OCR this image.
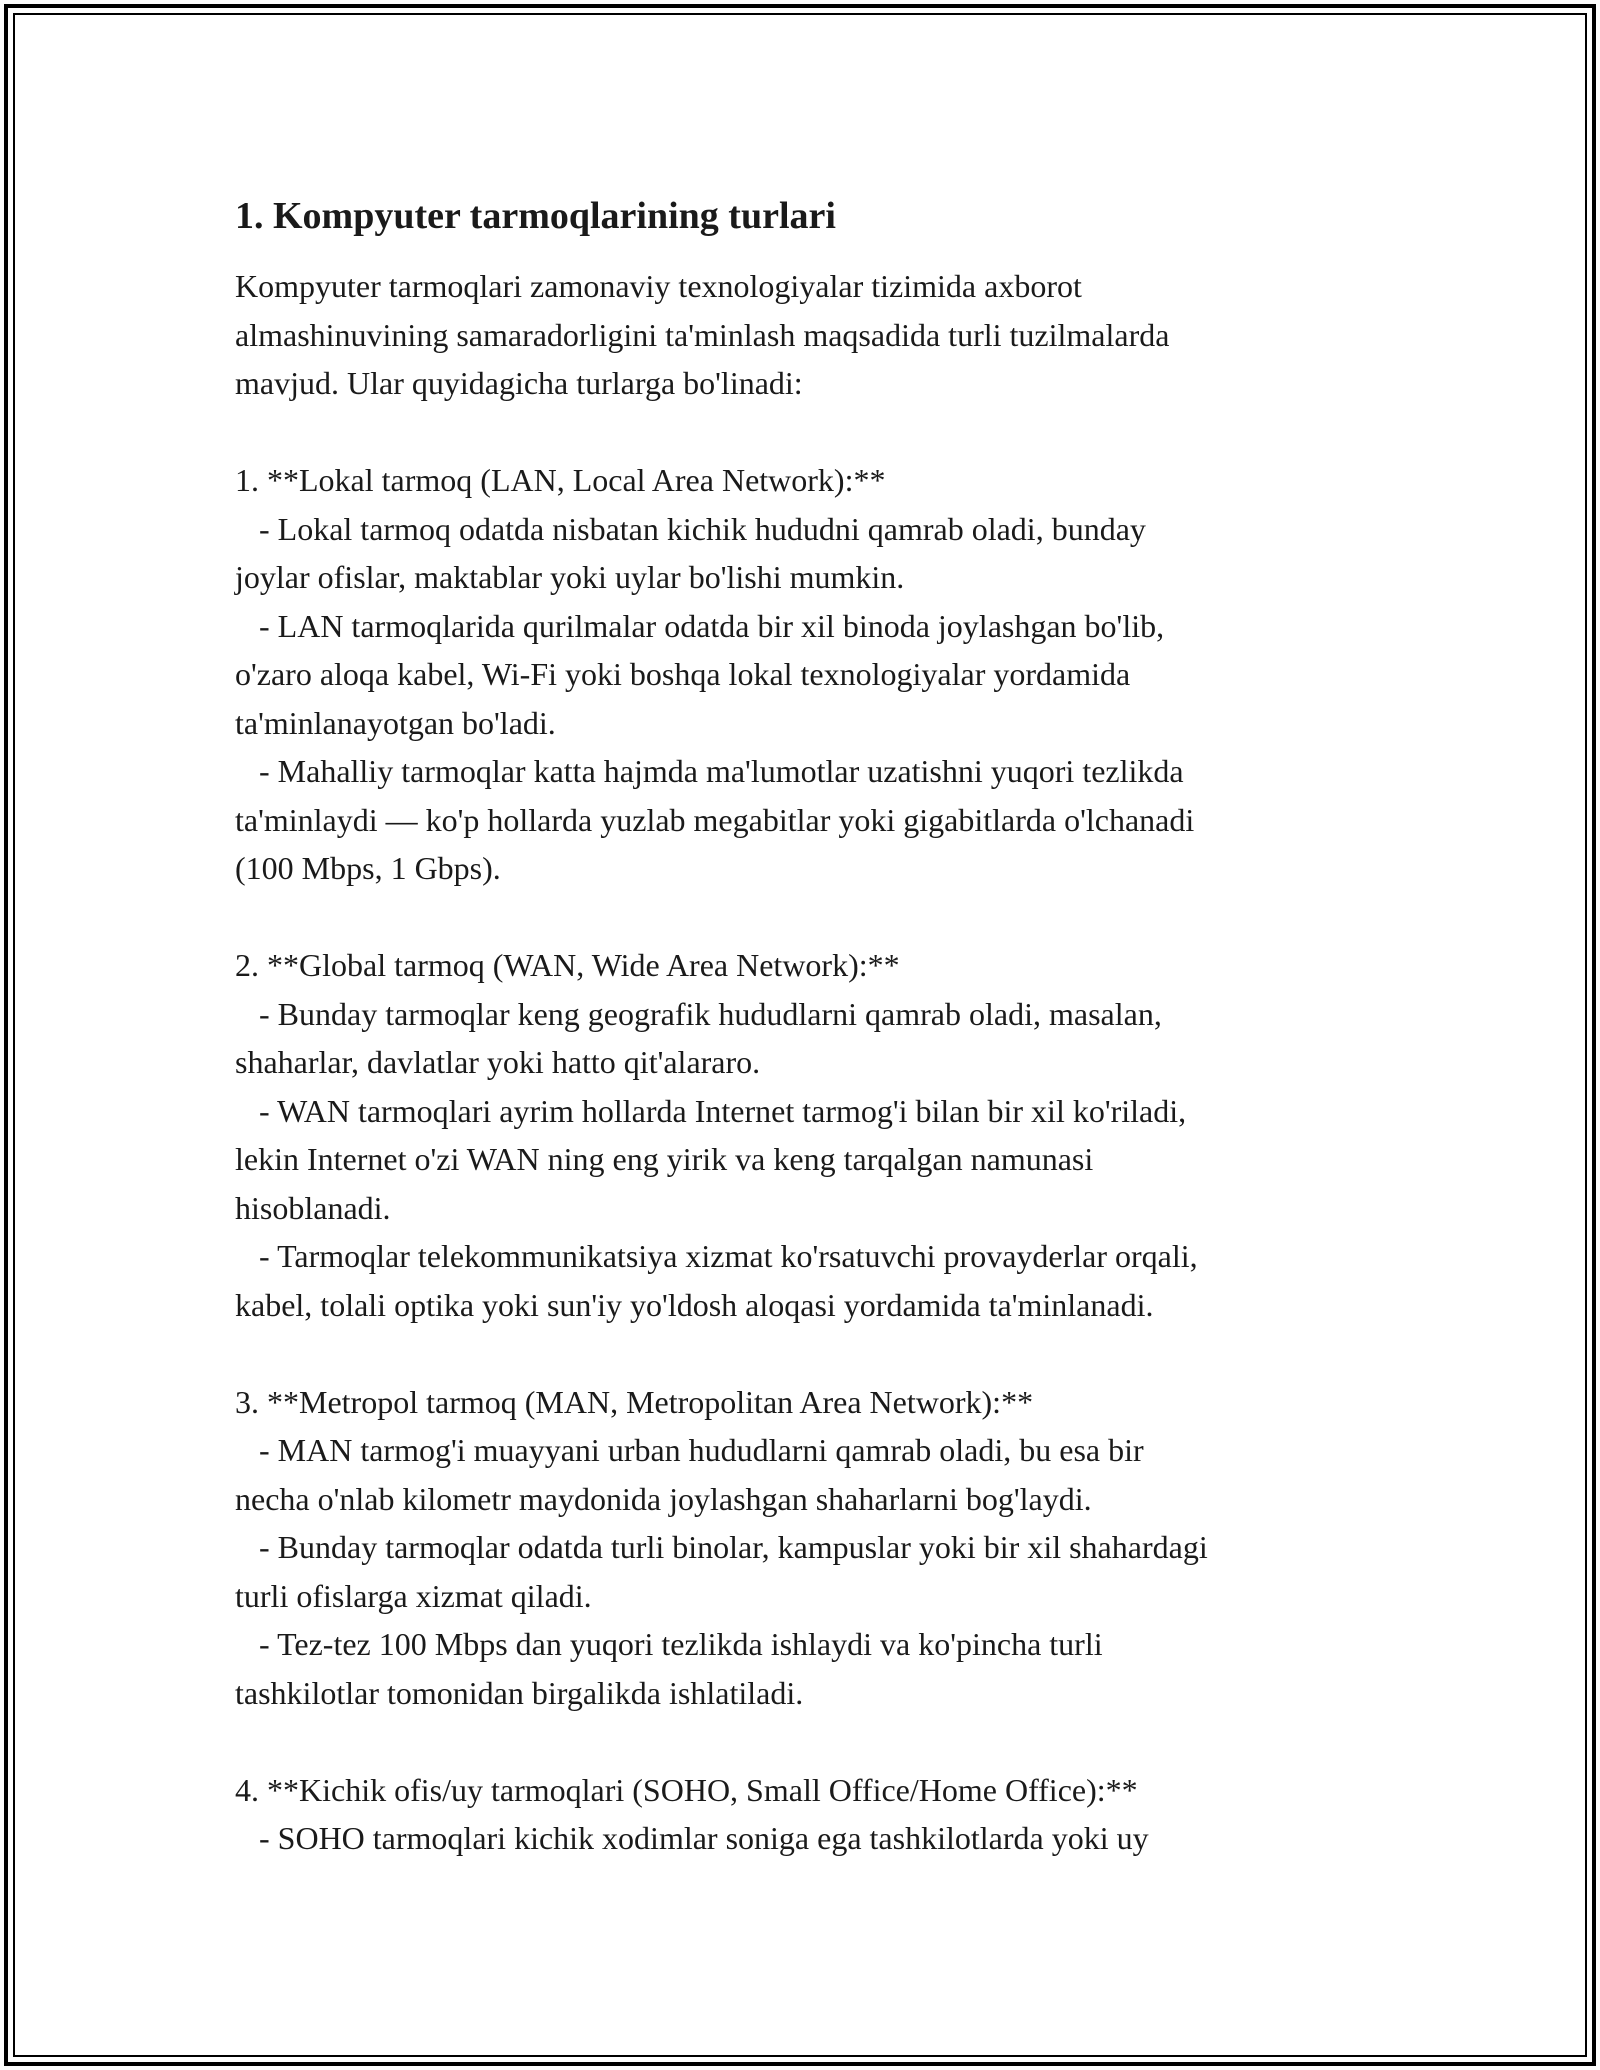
1. Kompyuter tarmoqlarining turlari

Kompyuter tarmoqlari zamonaviy texnologiyalar tizimida axborot
almashinuvining samaradorligini ta'minlash maqsadida turli tuzilmalarda
mavjud. Ular quyidagicha turlarga bo'linadi:

1. **Lokal tarmoq (LAN, Local Area Network):**
- Lokal tarmoq odatda nisbatan kichik hududni qamrab oladi, bunday
joylar ofislar, maktablar yoki uylar bo'lishi mumkin.
- LAN tarmoqlarida qurilmalar odatda bir xil binoda joylashgan bo'lib,
o'zaro aloqa kabel, Wi-Fi yoki boshqa lokal texnologiyalar yordamida
ta'minlanayotgan bo'ladi.
- Mahalliy tarmoqlar katta hajmda ma'lumotlar uzatishni yuqori tezlikda
ta'minlaydi — ko'p hollarda yuzlab megabitlar yoki gigabitlarda o'lchanadi
(100 Mbps, 1 Gbps).

2. **Global tarmoq (WAN, Wide Area Network):**
- Bunday tarmoqlar keng geografik hududlarni qamrab oladi, masalan,
shaharlar, davlatlar yoki hatto qit'alararo.
- WAN tarmoqlari ayrim hollarda Internet tarmog'i bilan bir xil ko'riladi,
lekin Internet o'zi WAN ning eng yirik va keng tarqalgan namunasi
hisoblanadi.
- Tarmoqlar telekommunikatsiya xizmat ko'rsatuvchi provayderlar orqali,
kabel, tolali optika yoki sun'iy yo'ldosh aloqasi yordamida ta'minlanadi.

3. **Metropol tarmoq (MAN, Metropolitan Area Network):**
- MAN tarmog'i muayyani urban hududlarni qamrab oladi, bu esa bir
necha o'nlab kilometr maydonida joylashgan shaharlarni bog'laydi.
- Bunday tarmoqlar odatda turli binolar, kampuslar yoki bir xil shahardagi
turli ofislarga xizmat qiladi.
- Tez-tez 100 Mbps dan yuqori tezlikda ishlaydi va ko'pincha turli
tashkilotlar tomonidan birgalikda ishlatiladi.

4. **Kichik ofis/uy tarmoqlari (SOHO, Small Office/Home Office):**
- SOHO tarmoqlari kichik xodimlar soniga ega tashkilotlarda yoki uy
